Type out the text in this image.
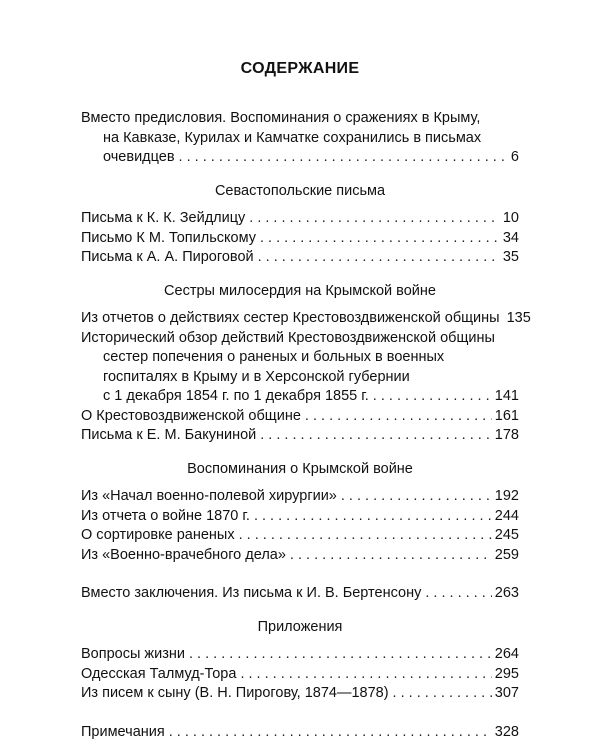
СОДЕРЖАНИЕ
Вместо предисловия. Воспоминания о сражениях в Крыму,
на Кавказе, Курилах и Камчатке сохранились в письмах
очевидцев . . .	6
Севастопольские письма
Письма к К. К. Зейдлицу . . .	10
Письмо К М. Топильскому . . .	34
Письма к А. А. Пироговой . . .	35
Сестры милосердия на Крымской войне
Из отчетов о действиях сестер Крестовоздвиженской общины 135
Исторический обзор действий Крестовоздвиженской общины
сестер попечения о раненых и больных в военных
госпиталях в Крыму и в Херсонской губернии
с 1 декабря 1854 г. по 1 декабря 1855 г. . . .	141
О Крестовоздвиженской общине . . .	161
Письма к Е. М. Бакуниной . . .	178
Воспоминания о Крымской войне
Из «Начал военно-полевой хирургии» . . .	192
Из отчета о войне 1870 г. . . .	244
О сортировке раненых . . .	245
Из «Военно-врачебного дела» . . .	259
Вместо заключения. Из письма к И. В. Бертенсону . . .	263
Приложения
Вопросы жизни . . .	264
Одесская Талмуд-Тора . . .	295
Из писем к сыну (В. Н. Пирогову, 1874—1878) . . .	307
Примечания . . .	328
